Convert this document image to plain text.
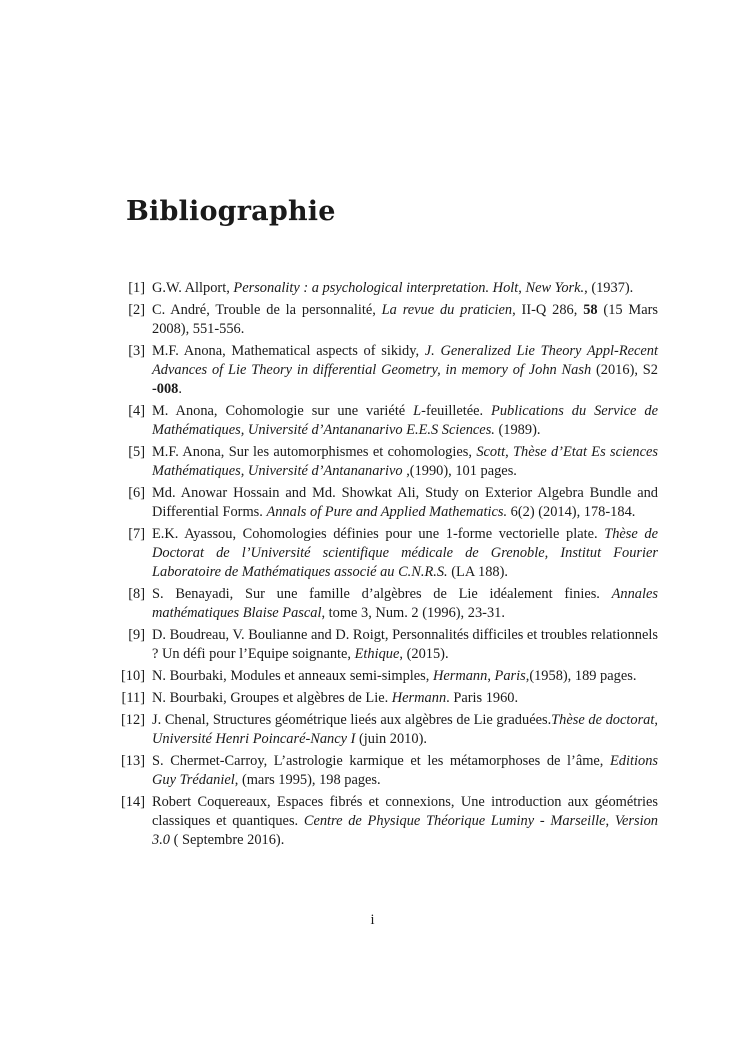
Bibliographie
[1] G.W. Allport, Personality : a psychological interpretation. Holt, New York., (1937).
[2] C. André, Trouble de la personnalité, La revue du praticien, II-Q 286, 58 (15 Mars 2008), 551-556.
[3] M.F. Anona, Mathematical aspects of sikidy, J. Generalized Lie Theory Appl-Recent Advances of Lie Theory in differential Geometry, in memory of John Nash (2016), S2 -008.
[4] M. Anona, Cohomologie sur une variété L-feuilletée. Publications du Service de Mathématiques, Université d’Antananarivo E.E.S Sciences. (1989).
[5] M.F. Anona, Sur les automorphismes et cohomologies, Scott, Thèse d’Etat Es sciences Mathématiques, Université d’Antananarivo ,(1990), 101 pages.
[6] Md. Anowar Hossain and Md. Showkat Ali, Study on Exterior Algebra Bundle and Differential Forms. Annals of Pure and Applied Mathematics. 6(2) (2014), 178-184.
[7] E.K. Ayassou, Cohomologies définies pour une 1-forme vectorielle plate. Thèse de Doctorat de l’Université scientifique médicale de Grenoble, Institut Fourier Laboratoire de Mathématiques associé au C.N.R.S. (LA 188).
[8] S. Benayadi, Sur une famille d’algèbres de Lie idéalement finies. Annales mathématiques Blaise Pascal, tome 3, Num. 2 (1996), 23-31.
[9] D. Boudreau, V. Boulianne and D. Roigt, Personnalités difficiles et troubles relationnels ? Un défi pour l’Equipe soignante, Ethique, (2015).
[10] N. Bourbaki, Modules et anneaux semi-simples, Hermann, Paris,(1958), 189 pages.
[11] N. Bourbaki, Groupes et algèbres de Lie. Hermann. Paris 1960.
[12] J. Chenal, Structures géométrique lieés aux algèbres de Lie graduées.Thèse de doctorat, Université Henri Poincaré-Nancy I (juin 2010).
[13] S. Chermet-Carroy, L’astrologie karmique et les métamorphoses de l’âme, Editions Guy Trédaniel, (mars 1995), 198 pages.
[14] Robert Coquereaux, Espaces fibrés et connexions, Une introduction aux géométries classiques et quantiques. Centre de Physique Théorique Luminy - Marseille, Version 3.0 ( Septembre 2016).
i
